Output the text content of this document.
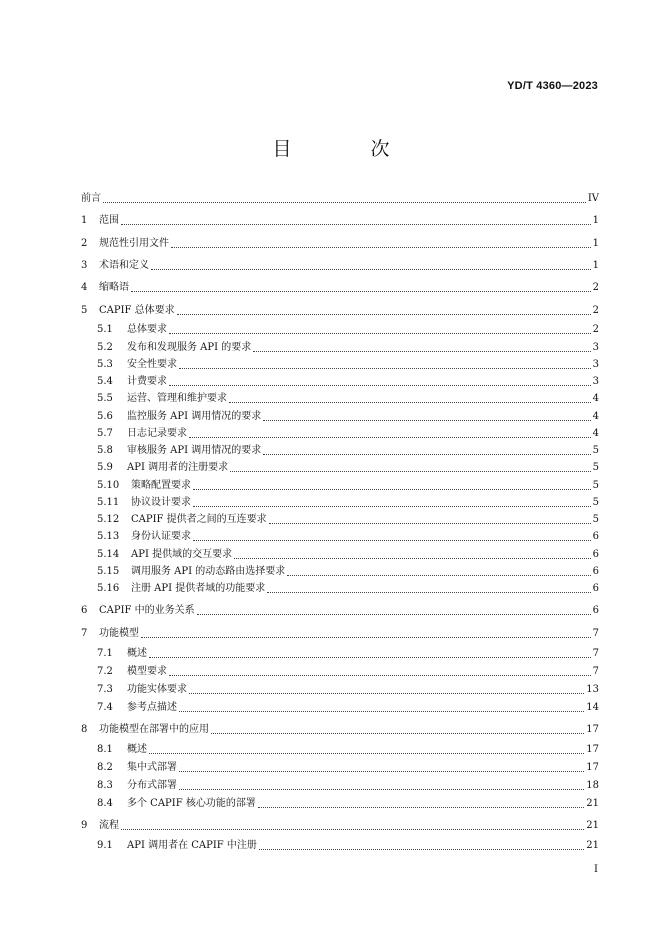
YD/T 4360—2023
目　次
前言	IV
1	范围	1
2	规范性引用文件	1
3	术语和定义	1
4	缩略语	2
5	CAPIF 总体要求	2
5.1	总体要求	2
5.2	发布和发现服务 API 的要求	3
5.3	安全性要求	3
5.4	计费要求	3
5.5	运营、管理和维护要求	4
5.6	监控服务 API 调用情况的要求	4
5.7	日志记录要求	4
5.8	审核服务 API 调用情况的要求	5
5.9	API 调用者的注册要求	5
5.10	策略配置要求	5
5.11	协议设计要求	5
5.12	CAPIF 提供者之间的互连要求	5
5.13	身份认证要求	6
5.14	API 提供域的交互要求	6
5.15	调用服务 API 的动态路由选择要求	6
5.16	注册 API 提供者域的功能要求	6
6	CAPIF 中的业务关系	6
7	功能模型	7
7.1	概述	7
7.2	模型要求	7
7.3	功能实体要求	13
7.4	参考点描述	14
8	功能模型在部署中的应用	17
8.1	概述	17
8.2	集中式部署	17
8.3	分布式部署	18
8.4	多个 CAPIF 核心功能的部署	21
9	流程	21
9.1	API 调用者在 CAPIF 中注册	21
I
